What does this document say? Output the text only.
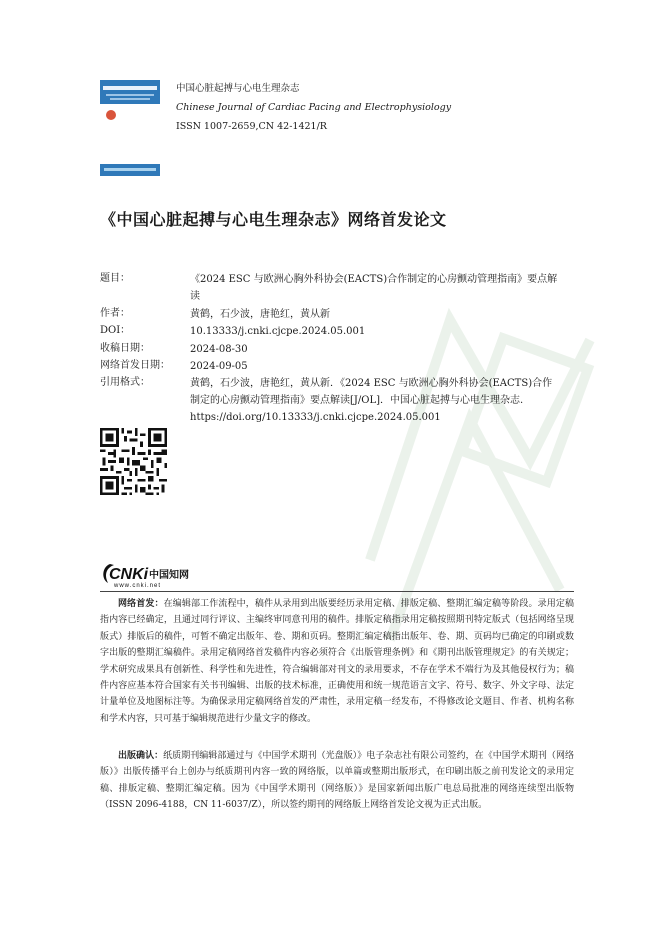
中国心脏起搏与心电生理杂志
Chinese Journal of Cardiac Pacing and Electrophysiology
ISSN 1007-2659,CN 42-1421/R
《中国心脏起搏与心电生理杂志》网络首发论文
题目：	《2024 ESC 与欧洲心胸外科协会(EACTS)合作制定的心房颤动管理指南》要点解读
作者：	黄鹤，石少波，唐艳红，黄从新
DOI：	10.13333/j.cnki.cjcpe.2024.05.001
收稿日期：	2024-08-30
网络首发日期： 2024-09-05
引用格式：	黄鹤，石少波，唐艳红，黄从新．《2024 ESC 与欧洲心胸外科协会(EACTS)合作制定的心房颤动管理指南》要点解读[J/OL]．中国心脏起搏与心电生理杂志. https://doi.org/10.13333/j.cnki.cjcpe.2024.05.001
CNKi 中国知网
www.cnki.net
网络首发：在编辑部工作流程中，稿件从录用到出版要经历录用定稿、排版定稿、整期汇编定稿等阶段。录用定稿指内容已经确定，且通过同行评议、主编终审同意刊用的稿件。排版定稿指录用定稿按照期刊特定版式（包括网络呈现版式）排版后的稿件，可暂不确定出版年、卷、期和页码。整期汇编定稿指出版年、卷、期、页码均已确定的印刷或数字出版的整期汇编稿件。录用定稿网络首发稿件内容必须符合《出版管理条例》和《期刊出版管理规定》的有关规定；学术研究成果具有创新性、科学性和先进性，符合编辑部对刊文的录用要求，不存在学术不端行为及其他侵权行为；稿件内容应基本符合国家有关书刊编辑、出版的技术标准，正确使用和统一规范语言文字、符号、数字、外文字母、法定计量单位及地图标注等。为确保录用定稿网络首发的严肃性，录用定稿一经发布，不得修改论文题目、作者、机构名称和学术内容，只可基于编辑规范进行少量文字的修改。
出版确认：纸质期刊编辑部通过与《中国学术期刊（光盘版）》电子杂志社有限公司签约，在《中国学术期刊（网络版）》出版传播平台上创办与纸质期刊内容一致的网络版，以单篇或整期出版形式，在印刷出版之前刊发论文的录用定稿、排版定稿、整期汇编定稿。因为《中国学术期刊（网络版）》是国家新闻出版广电总局批准的网络连续型出版物（ISSN 2096-4188，CN 11-6037/Z），所以签约期刊的网络版上网络首发论文视为正式出版。
